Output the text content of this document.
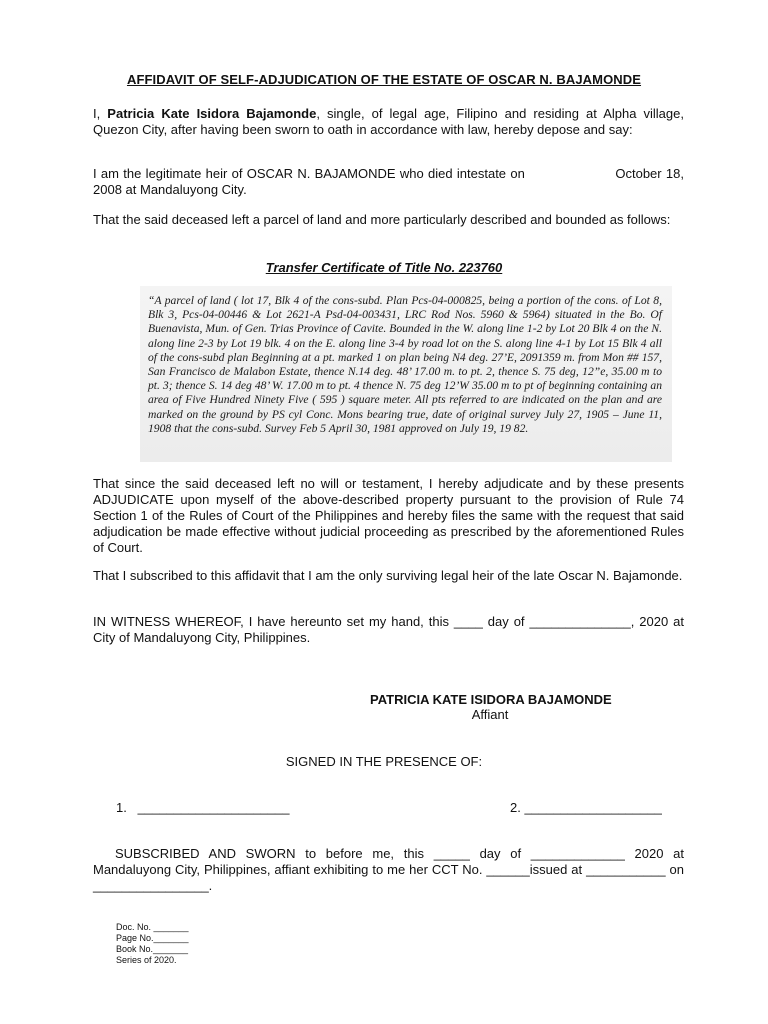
AFFIDAVIT OF SELF-ADJUDICATION OF THE ESTATE OF OSCAR N. BAJAMONDE
I, Patricia Kate Isidora Bajamonde, single, of legal age, Filipino and residing at Alpha village, Quezon City, after having been sworn to oath in accordance with law, hereby depose and say:
I am the legitimate heir of OSCAR N. BAJAMONDE who died intestate on                     October 18, 2008 at Mandaluyong City.
That the said deceased left a parcel of land and more particularly described and bounded as follows:
Transfer Certificate of Title No. 223760
“A parcel of land ( lot 17, Blk 4 of the cons-subd. Plan Pcs-04-000825, being a portion of the cons. of Lot 8, Blk 3, Pcs-04-00446 & Lot 2621-A Psd-04-003431, LRC Rod Nos. 5960 & 5964) situated in the Bo. Of Buenavista, Mun. of Gen. Trias Province of Cavite. Bounded in the W. along line 1-2 by Lot 20 Blk 4 on the N. along line 2-3 by Lot 19 blk. 4 on the E. along line 3-4 by road lot on the S. along line 4-1 by Lot 15 Blk 4 all of the cons-subd plan Beginning at a pt. marked 1 on plan being N4 deg. 27’E, 2091359 m. from Mon ## 157, San Francisco de Malabon Estate, thence N.14 deg. 48’ 17.00 m. to pt. 2, thence S. 75 deg, 12”e, 35.00 m to pt. 3; thence S. 14 deg 48’ W. 17.00 m to pt. 4 thence N. 75 deg 12’W 35.00 m to pt of beginning containing an area of Five Hundred Ninety Five ( 595 ) square meter. All pts referred to are indicated on the plan and are marked on the ground by PS cyl Conc. Mons bearing true, date of original survey July 27, 1905 – June 11, 1908 that the cons-subd. Survey Feb 5 April 30, 1981 approved on July 19, 19 82.
That since the said deceased left no will or testament, I hereby adjudicate and by these presents ADJUDICATE upon myself of the above-described property pursuant to the provision of Rule 74 Section 1 of the Rules of Court of the Philippines and hereby files the same with the request that said adjudication be made effective without judicial proceeding as prescribed by the aforementioned Rules of Court.
That I subscribed to this affidavit that I am the only surviving legal heir of the late Oscar N. Bajamonde.
IN WITNESS WHEREOF, I have hereunto set my hand, this ____ day of ______________, 2020 at City of Mandaluyong City, Philippines.
PATRICIA KATE ISIDORA BAJAMONDE
Affiant
SIGNED IN THE PRESENCE OF:
1.   _____________________	2. ___________________
SUBSCRIBED AND SWORN to before me, this _____ day of _____________ 2020 at Mandaluyong City, Philippines, affiant exhibiting to me her CCT No. ______issued at ___________ on ________________.
Doc. No. _______
Page No._______
Book No._______
Series of 2020.
